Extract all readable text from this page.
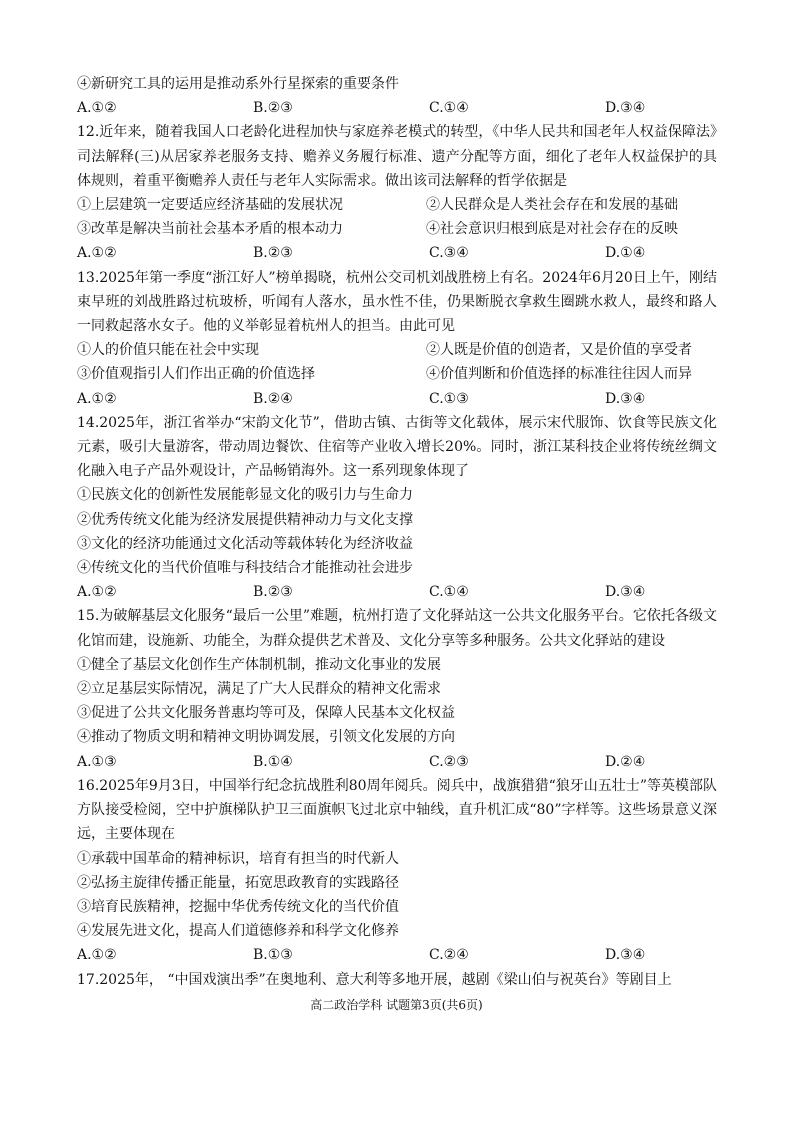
④新研究工具的运用是推动系外行星探索的重要条件
A.①②	B.②③	C.①④	D.③④
12.近年来，随着我国人口老龄化进程加快与家庭养老模式的转型，《中华人民共和国老年人权益保障法》司法解释(三)从居家养老服务支持、赡养义务履行标准、遗产分配等方面，细化了老年人权益保护的具体规则，着重平衡赡养人责任与老年人实际需求。做出该司法解释的哲学依据是
①上层建筑一定要适应经济基础的发展状况	②人民群众是人类社会存在和发展的基础
③改革是解决当前社会基本矛盾的根本动力	④社会意识归根到底是对社会存在的反映
A.①②	B.②③	C.③④	D.①④
13.2025年第一季度“浙江好人”榜单揭晓，杭州公交司机刘战胜榜上有名。2024年6月20日上午，刚结束早班的刘战胜路过杭玻桥，听闻有人落水，虽水性不佳，仍果断脱衣拿救生圈跳水救人，最终和路人一同救起落水女子。他的义举彰显着杭州人的担当。由此可见
①人的价值只能在社会中实现	②人既是价值的创造者，又是价值的享受者
③价值观指引人们作出正确的价值选择	④价值判断和价值选择的标准往往因人而异
A.①②	B.②④	C.①③	D.③④
14.2025年，浙江省举办“宋韵文化节”，借助古镇、古街等文化载体，展示宋代服饰、饮食等民族文化元素，吸引大量游客，带动周边餐饮、住宿等产业收入增长20%。同时，浙江某科技企业将传统丝绸文化融入电子产品外观设计，产品畅销海外。这一系列现象体现了
①民族文化的创新性发展能彰显文化的吸引力与生命力
②优秀传统文化能为经济发展提供精神动力与文化支撑
③文化的经济功能通过文化活动等载体转化为经济收益
④传统文化的当代价值唯与科技结合才能推动社会进步
A.①②	B.②③	C.①④	D.③④
15.为破解基层文化服务“最后一公里”难题，杭州打造了文化驿站这一公共文化服务平台。它依托各级文化馆而建，设施新、功能全，为群众提供艺术普及、文化分享等多种服务。公共文化驿站的建设
①健全了基层文化创作生产体制机制，推动文化事业的发展
②立足基层实际情况，满足了广大人民群众的精神文化需求
③促进了公共文化服务普惠均等可及，保障人民基本文化权益
④推动了物质文明和精神文明协调发展，引领文化发展的方向
A.①③	B.①④	C.②③	D.②④
16.2025年9月3日，中国举行纪念抗战胜利80周年阅兵。阅兵中，战旗猎猎“狼牙山五壮士”等英模部队方队接受检阅，空中护旗梯队护卫三面旗帜飞过北京中轴线，直升机汇成“80”字样等。这些场景意义深远，主要体现在
①承载中国革命的精神标识，培育有担当的时代新人
②弘扬主旋律传播正能量，拓宽思政教育的实践路径
③培育民族精神，挖掘中华优秀传统文化的当代价值
④发展先进文化，提高人们道德修养和科学文化修养
A.①②	B.①③	C.②④	D.③④
17.2025年， “中国戏演出季”在奥地利、意大利等多地开展，越剧《梁山伯与祝英台》等剧目上
高二政治学科 试题第3页(共6页)
